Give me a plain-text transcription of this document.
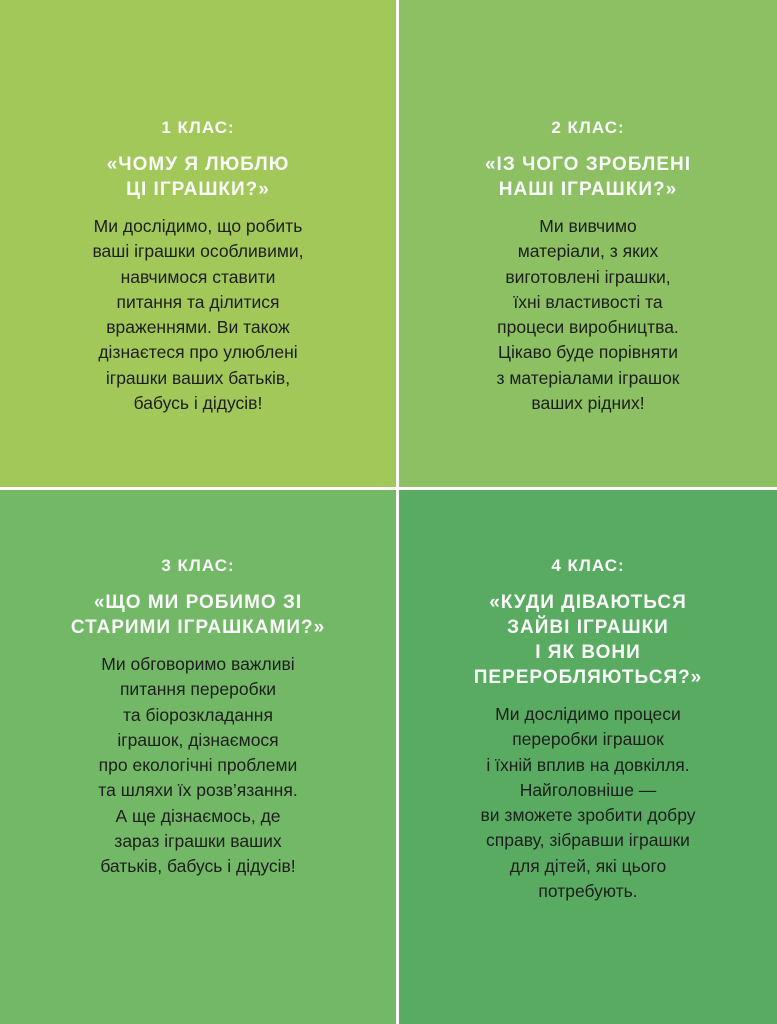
1 КЛАС:
«ЧОМУ Я ЛЮБЛЮ
ЦІ ІГРАШКИ?»

Ми дослідимо, що робить
ваші іграшки особливими,
навчимося ставити
питання та ділитися
враженнями. Ви також
дізнаєтеся про улюблені
іграшки ваших батьків,
бабусь і дідусів!

2 КЛАС:
«ІЗ ЧОГО ЗРОБЛЕНІ
НАШІ ІГРАШКИ?»

Ми вивчимо
матеріали, з яких
виготовлені іграшки,
їхні властивості та
процеси виробництва.
Цікаво буде порівняти
з матеріалами іграшок
ваших рідних!

3 КЛАС:
«ЩО МИ РОБИМО ЗІ
СТАРИМИ ІГРАШКАМИ?»

Ми обговоримо важливі
питання переробки
та біорозкладання
іграшок, дізнаємося
про екологічні проблеми
та шляхи їх розв’язання.
А ще дізнаємось, де
зараз іграшки ваших
батьків, бабусь і дідусів!

4 КЛАС:
«КУДИ ДІВАЮТЬСЯ
ЗАЙВІ ІГРАШКИ
І ЯК ВОНИ
ПЕРЕРОБЛЯЮТЬСЯ?»

Ми дослідимо процеси
переробки іграшок
і їхній вплив на довкілля.
Найголовніше —
ви зможете зробити добру
справу, зібравши іграшки
для дітей, які цього
потребують.
